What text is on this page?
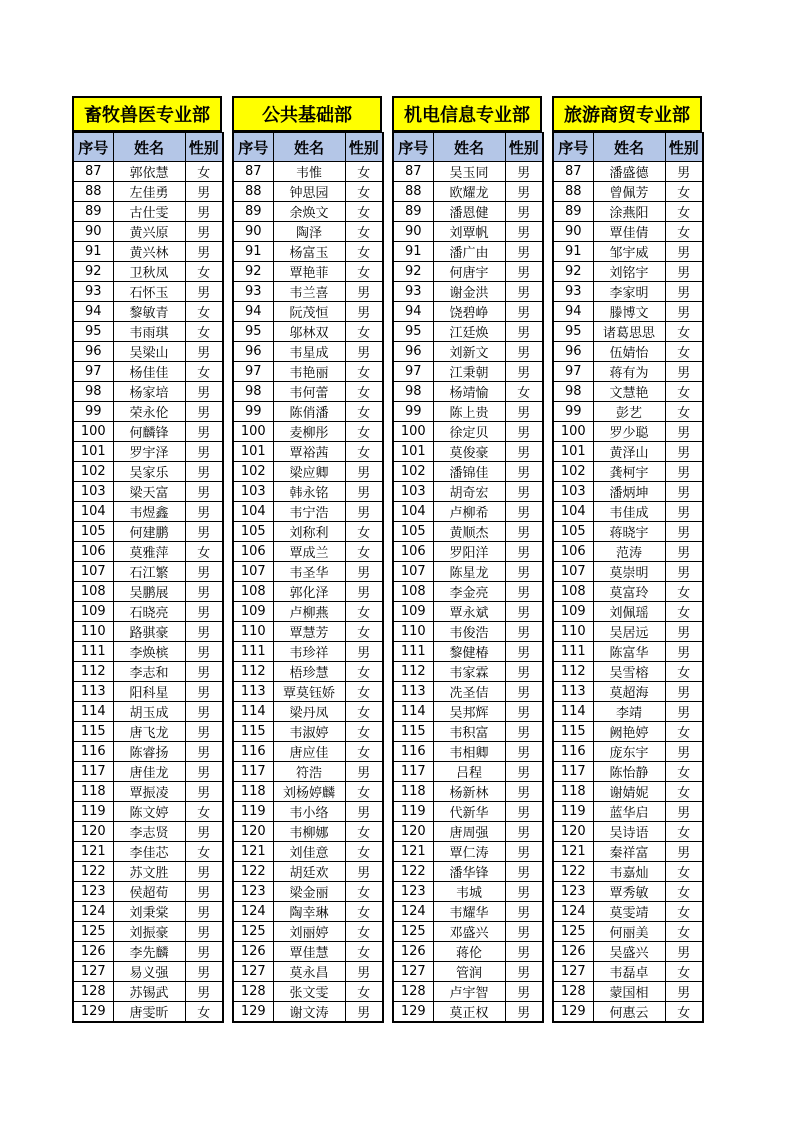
畜牧兽医专业部
序号	姓名	性别
87	郭依慧	女
88	左佳勇	男
89	古仕雯	男
90	黄兴原	男
91	黄兴林	男
92	卫秋凤	女
93	石怀玉	男
94	黎敏青	女
95	韦雨琪	女
96	吴梁山	男
97	杨佳佳	女
98	杨家培	男
99	荣永伦	男
100	何麟锋	男
101	罗宇泽	男
102	吴家乐	男
103	梁天富	男
104	韦煜鑫	男
105	何建鹏	男
106	莫雅萍	女
107	石江繁	男
108	吴鹏展	男
109	石晓亮	男
110	路骐豪	男
111	李焕槟	男
112	李志和	男
113	阳科星	男
114	胡玉成	男
115	唐飞龙	男
116	陈睿扬	男
117	唐佳龙	男
118	覃振凌	男
119	陈文婷	女
120	李志贤	男
121	李佳芯	女
122	苏文胜	男
123	侯超荀	男
124	刘秉棠	男
125	刘振豪	男
126	李先麟	男
127	易义强	男
128	苏锡武	男
129	唐雯昕	女
公共基础部
序号	姓名	性别
87	韦惟	女
88	钟思园	女
89	余焕文	女
90	陶泽	女
91	杨富玉	女
92	覃艳菲	女
93	韦兰喜	男
94	阮茂恒	男
95	邬林双	女
96	韦星成	男
97	韦艳丽	女
98	韦何蕾	女
99	陈俏潘	女
100	麦柳彤	女
101	覃裕茜	女
102	梁应卿	男
103	韩永铭	男
104	韦宁浩	男
105	刘称利	女
106	覃成兰	女
107	韦圣华	男
108	郭化泽	男
109	卢柳燕	女
110	覃慧芳	女
111	韦珍祥	男
112	梧珍慧	女
113	覃莫钰娇	女
114	梁丹凤	女
115	韦淑婷	女
116	唐应佳	女
117	符浩	男
118	刘杨婷麟	女
119	韦小络	男
120	韦柳娜	女
121	刘佳意	女
122	胡廷欢	男
123	梁金丽	女
124	陶幸琳	女
125	刘丽婷	女
126	覃佳慧	女
127	莫永昌	男
128	张文雯	女
129	谢文涛	男
机电信息专业部
序号	姓名	性别
87	吴玉同	男
88	欧耀龙	男
89	潘恩健	男
90	刘覃帆	男
91	潘广由	男
92	何唐宇	男
93	谢金洪	男
94	饶碧峥	男
95	江廷焕	男
96	刘新文	男
97	江秉朝	男
98	杨靖愉	女
99	陈上贵	男
100	徐定贝	男
101	莫俊豪	男
102	潘锦佳	男
103	胡奇宏	男
104	卢柳希	男
105	黄顺杰	男
106	罗阳洋	男
107	陈星龙	男
108	李金亮	男
109	覃永斌	男
110	韦俊浩	男
111	黎健椿	男
112	韦家霖	男
113	冼圣佶	男
114	吴邦辉	男
115	韦积富	男
116	韦相卿	男
117	吕程	男
118	杨新林	男
119	代新华	男
120	唐周强	男
121	覃仁涛	男
122	潘华锋	男
123	韦城	男
124	韦耀华	男
125	邓盛兴	男
126	蒋伦	男
127	管润	男
128	卢宇智	男
129	莫正权	男
旅游商贸专业部
序号	姓名	性别
87	潘盛德	男
88	曾佩芳	女
89	涂燕阳	女
90	覃佳倩	女
91	邹宇威	男
92	刘铭宇	男
93	李家明	男
94	滕博文	男
95	诸葛思思	女
96	伍婧怡	女
97	蒋有为	男
98	文慧艳	女
99	彭艺	女
100	罗少聪	男
101	黄泽山	男
102	龚柯宇	男
103	潘炳坤	男
104	韦佳成	男
105	蒋晓宇	男
106	范涛	男
107	莫崇明	男
108	莫富玲	女
109	刘佩瑶	女
110	吴居远	男
111	陈富华	男
112	吴雪榕	女
113	莫超海	男
114	李靖	男
115	阙艳婷	女
116	庞东宇	男
117	陈怡静	女
118	谢婧妮	女
119	蓝华启	男
120	吴诗语	女
121	秦祥富	男
122	韦嘉灿	女
123	覃秀敏	女
124	莫雯靖	女
125	何丽美	女
126	吴盛兴	男
127	韦磊卓	女
128	蒙国相	男
129	何惠云	女
